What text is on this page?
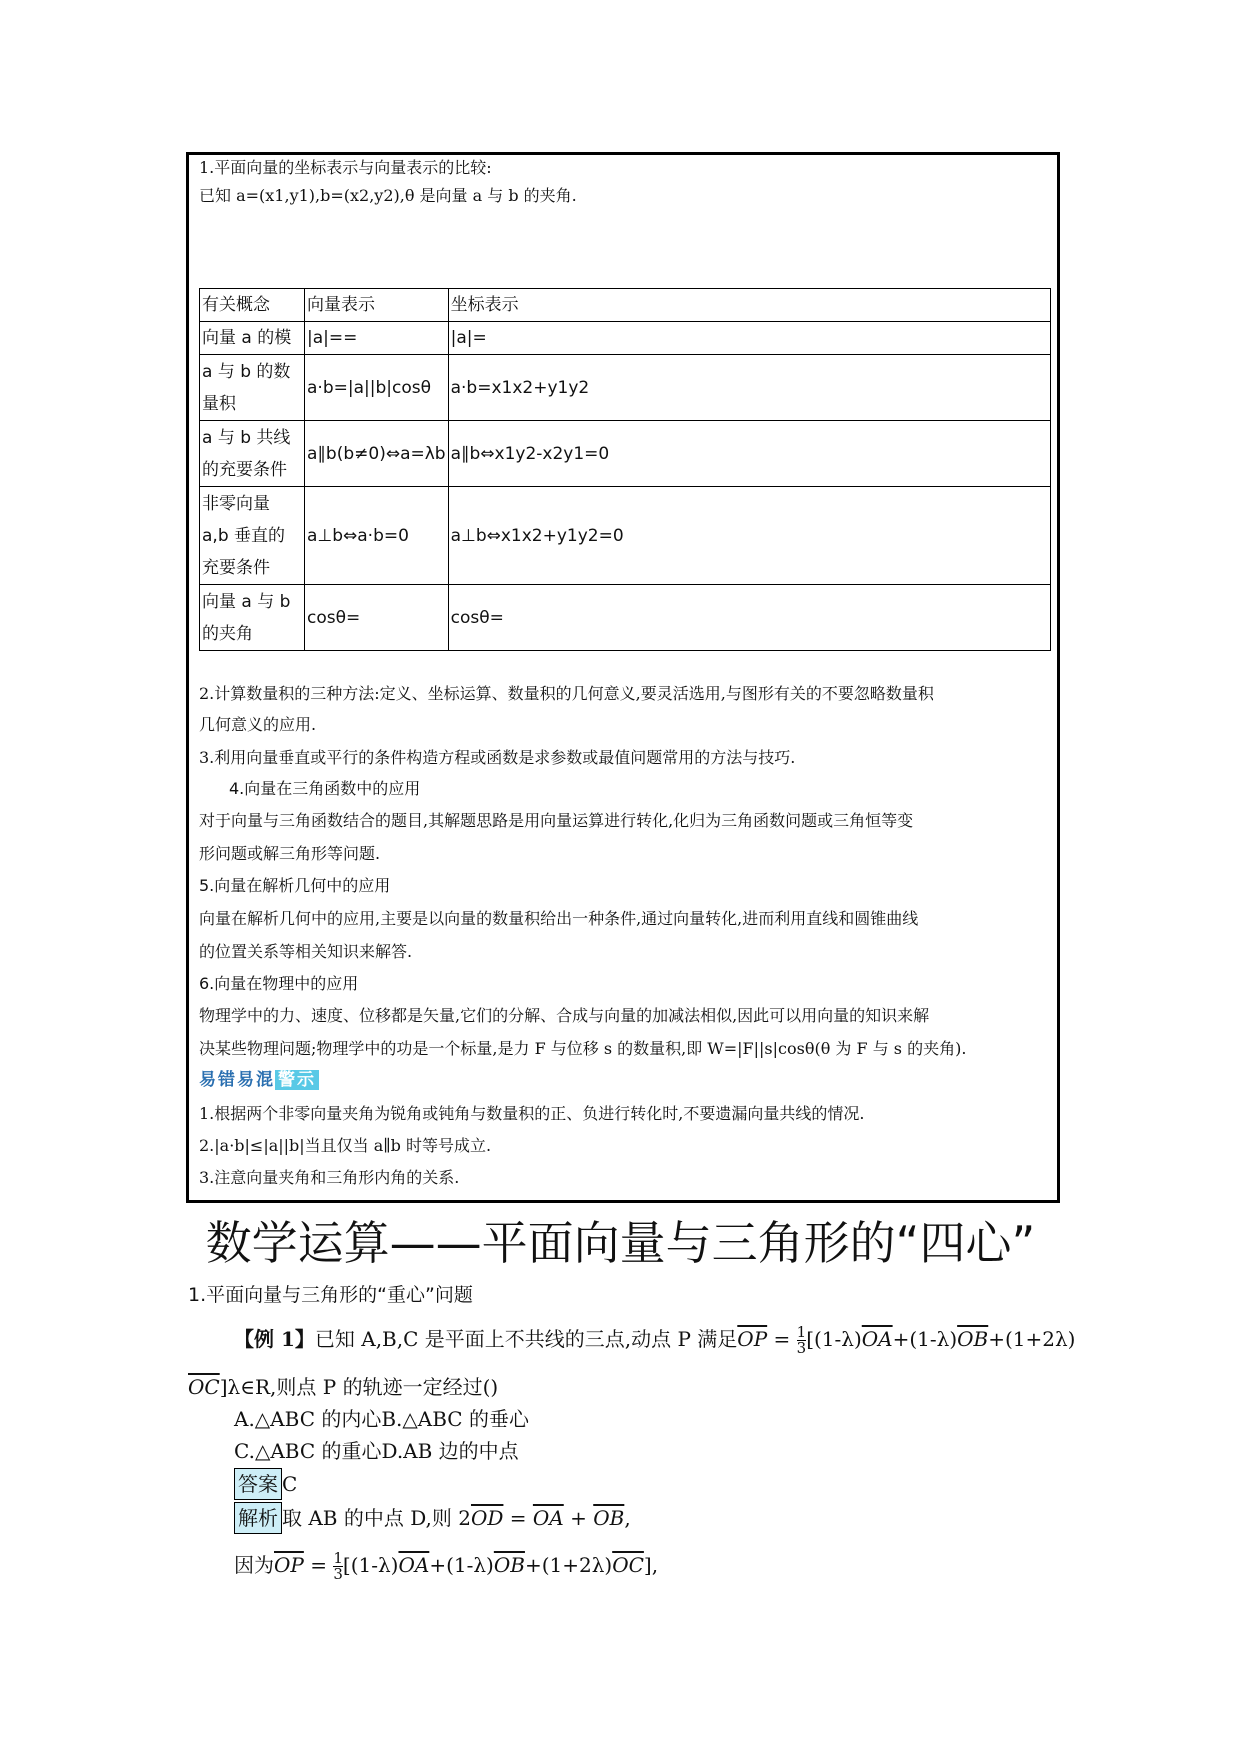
1.平面向量的坐标表示与向量表示的比较:
已知 a=(x1,y1),b=(x2,y2),θ 是向量 a 与 b 的夹角.
有关概念	向量表示	坐标表示
向量 a 的模	|a|==	|a|=
a 与 b 的数量积	a·b=|a||b|cosθ	a·b=x1x2+y1y2
a 与 b 共线的充要条件	a∥b(b≠0)⇔a=λb	a∥b⇔x1y2-x2y1=0
非零向量 a,b 垂直的充要条件	a⊥b⇔a·b=0	a⊥b⇔x1x2+y1y2=0
向量 a 与 b 的夹角	cosθ=	cosθ=
2.计算数量积的三种方法:定义、坐标运算、数量积的几何意义,要灵活选用,与图形有关的不要忽略数量积
几何意义的应用.
3.利用向量垂直或平行的条件构造方程或函数是求参数或最值问题常用的方法与技巧.
4.向量在三角函数中的应用
对于向量与三角函数结合的题目,其解题思路是用向量运算进行转化,化归为三角函数问题或三角恒等变
形问题或解三角形等问题.
5.向量在解析几何中的应用
向量在解析几何中的应用,主要是以向量的数量积给出一种条件,通过向量转化,进而利用直线和圆锥曲线
的位置关系等相关知识来解答.
6.向量在物理中的应用
物理学中的力、速度、位移都是矢量,它们的分解、合成与向量的加减法相似,因此可以用向量的知识来解
决某些物理问题;物理学中的功是一个标量,是力 F 与位移 s 的数量积,即 W=|F||s|cosθ(θ 为 F 与 s 的夹角).
易错易混 警示
1.根据两个非零向量夹角为锐角或钝角与数量积的正、负进行转化时,不要遗漏向量共线的情况.
2.|a·b|≤|a||b|当且仅当 a∥b 时等号成立.
3.注意向量夹角和三角形内角的关系.
数学运算——平面向量与三角形的“四心”
1.平面向量与三角形的“重心”问题
【例 1】已知 A,B,C 是平面上不共线的三点,动点 P 满足$\overline{OP} = \frac{1}{3} [(1-\lambda)\overline{OA}+(1-\lambda)\overline{OB}+(1+2\lambda)$
$\overline{OC}]\lambda\in R$,则点 P 的轨迹一定经过()
A.△ABC 的内心B.△ABC 的垂心
C.△ABC 的重心D.AB 边的中点
答案 C
解析 取 AB 的中点 D,则 $2\overline{OD} = \overline{OA} + \overline{OB}$,
因为$\overline{OP} = \frac{1}{3} [(1-\lambda)\overline{OA}+(1-\lambda)\overline{OB}+(1+2\lambda)\overline{OC}]$,
